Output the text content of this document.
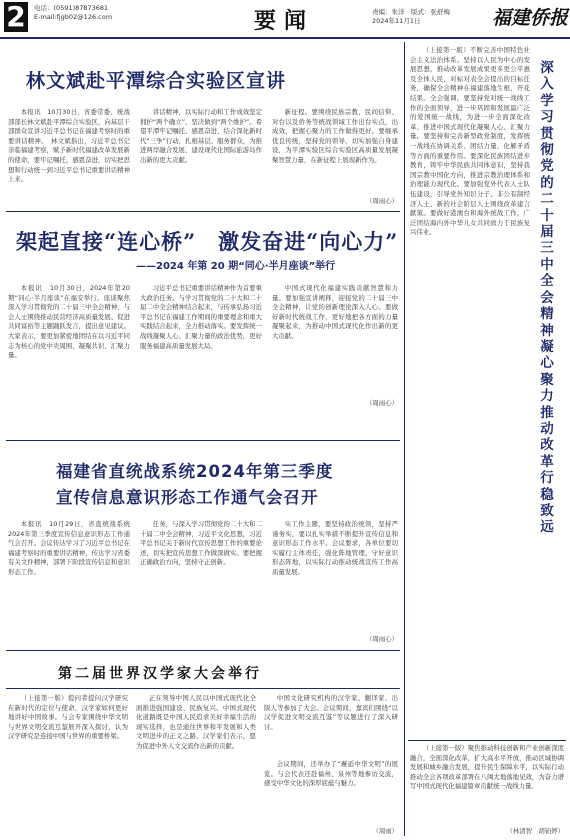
2	电话：(0591)87873681
E-mail:fjgb02@126.com	要闻	责编：朱洋　版式：张舒梅
2024年11月1日	福建侨报
林文斌赴平潭综合实验区宣讲

本报讯　10月30日，省委常委、统战部部长林文斌赴平潭综合实验区，向基层干部群众宣讲习近平总书记在福建考察时的重要讲话精神。　林文斌指出，习近平总书记亲临福建考察，赋予新时代福建改革发展新的使命，要牢记嘱托、感恩奋进，切实把思想和行动统一到习近平总书记重要讲话精神上来。

讲话精神，以实际行动和工作成效坚定拥护“两个确立”、坚决做到“两个维护”。希望平潭牢记嘱托、感恩奋进，结合深化新时代“三争”行动，扎根基层、服务群众，为推进两岸融合发展、建设现代化国际旅游岛作出新的更大贡献。

新征程。要围绕民族宗教、民间信仰、对台以及侨务等统战领域工作出台实点，出成效，把握心聚力的工作做得更好。要继承优良传统，坚持党的领导，切实加强自身建设，为平潭实验区综合实验区高质量发展凝聚智慧力量，在新征程上展现新作为。

（周雨心）
架起直接“连心桥”　激发奋进“向心力”
——2024 年第 20 期“同心·半月座谈”举行

本报讯　10月30日，2024年第20期“同心·半月座谈”在福安举行。座谈聚焦深入学习贯彻党的二十届三中全会精神，与会人士围绕推动民营经济高质量发展、促进共同富裕等主题踊跃发言，提出意见建议。大家表示，要更加紧密地团结在以习近平同志为核心的党中央周围，凝聚共识、汇聚力量。

习近平总书记重要讲话精神作为首要重大政治任务。与学习贯彻党的二十大和二十届二中全会精神结合起来，与传承弘扬习近平总书记在福建工作期间的重要理念和重大实践结合起来，全力推动落实。要发挥统一战线凝聚人心、汇聚力量的政治优势，更好服务福建高质量发展大局。

中国式现代化福建实践贡献智慧和力量。要加强宣讲阐释，迎接党的二十届三中全会精神，让党的创新理论深入人心。要做好新时代统战工作，更好地把各方面的力量凝聚起来，为推动中国式现代化作出新的更大贡献。

（周雨心）
福建省直统战系统2024年第三季度
宣传信息意识形态工作通气会召开

本报讯　10月29日，省直统战系统2024年第三季度宣传信息意识形态工作通气会召开。会议传达学习了习近平总书记在福建考察时的重要讲话精神，传达学习省委有关文件精神，部署下阶段宣传信息和意识形态工作。

任务，与深入学习贯彻党的二十大和二十届二中全会精神，习近平文化思想，习近平总书记关于新时代宣传思想工作的重要论述，切实把宣传思想工作做深做实。要把握正确政治方向，坚持守正创新。

实工作主题，要坚持政治统领，坚持严谨务实，要以扎实举措不断提升宣传信息和意识形态工作水平。会议要求，各单位要切实履行主体责任，强化阵地管理，守好意识形态阵地，以实际行动推动统战宣传工作高质量发展。

（周雨心）
第二届世界汉学家大会举行

（上接第一版）提问者提问汉学研究在新时代的定位与使命，汉学家如何更好地讲好中国故事。与会专家围绕中华文明与世界文明交流互鉴展开深入探讨，认为汉学研究是连接中国与世界的重要桥梁。

正在领导中国人民以中国式现代化全面推进强国建设、民族复兴。中国式现代化道路既是中国人民追求美好幸福生活的现实选择，也是通往世界和平发展和人类文明进步的正义之路。汉学家们表示，愿为促进中外人文交流作出新的贡献。

中国文化研究机构的汉学家、翻译家、出版人等参加了大会。会议期间，嘉宾们围绕“以汉学促进文明交流互鉴”等议题进行了深入研讨。

会议期间，还举办了“邂逅中华文明”的展览。与会代表还赴福州、泉州等地参访交流，感受中华文化的深厚底蕴与魅力。

（周雨）
深入学习贯彻党的二十届三中全会精神　凝心聚力推动改革行稳致远

（上接第一版）不断完善中国特色社会主义法治体系。坚持以人民为中心的发展思想，推动改革发展成果更多更公平惠及全体人民，对标对表全会提出的目标任务，确保全会精神在福建落地生根、开花结果。全会强调，要坚持党对统一战线工作的全面领导，进一步巩固和发展最广泛的爱国统一战线，为进一步全面深化改革、推进中国式现代化凝聚人心、汇聚力量。要坚持和完善新型政党制度，发挥统一战线在协调关系、团结力量、化解矛盾等方面的重要作用。要深化民族团结进步教育，铸牢中华民族共同体意识，坚持我国宗教中国化方向，推进宗教治理体系和治理能力现代化。要加强党外代表人士队伍建设，引导党外知识分子、非公有制经济人士、新的社会阶层人士围绕改革建言献策。要做好港澳台和海外统战工作，广泛团结海内外中华儿女共同致力于民族复兴伟业。

（上接第一版）聚焦推动科技创新和产业创新深度融合，全面深化改革，扩大高水平开放，推动区域协调发展和城乡融合发展，提升民生保障水平，以实际行动推动全会各项改革部署在八闽大地落地见效，为奋力谱写中国式现代化福建篇章贡献统一战线力量。

（林清智　胡铂婷）
